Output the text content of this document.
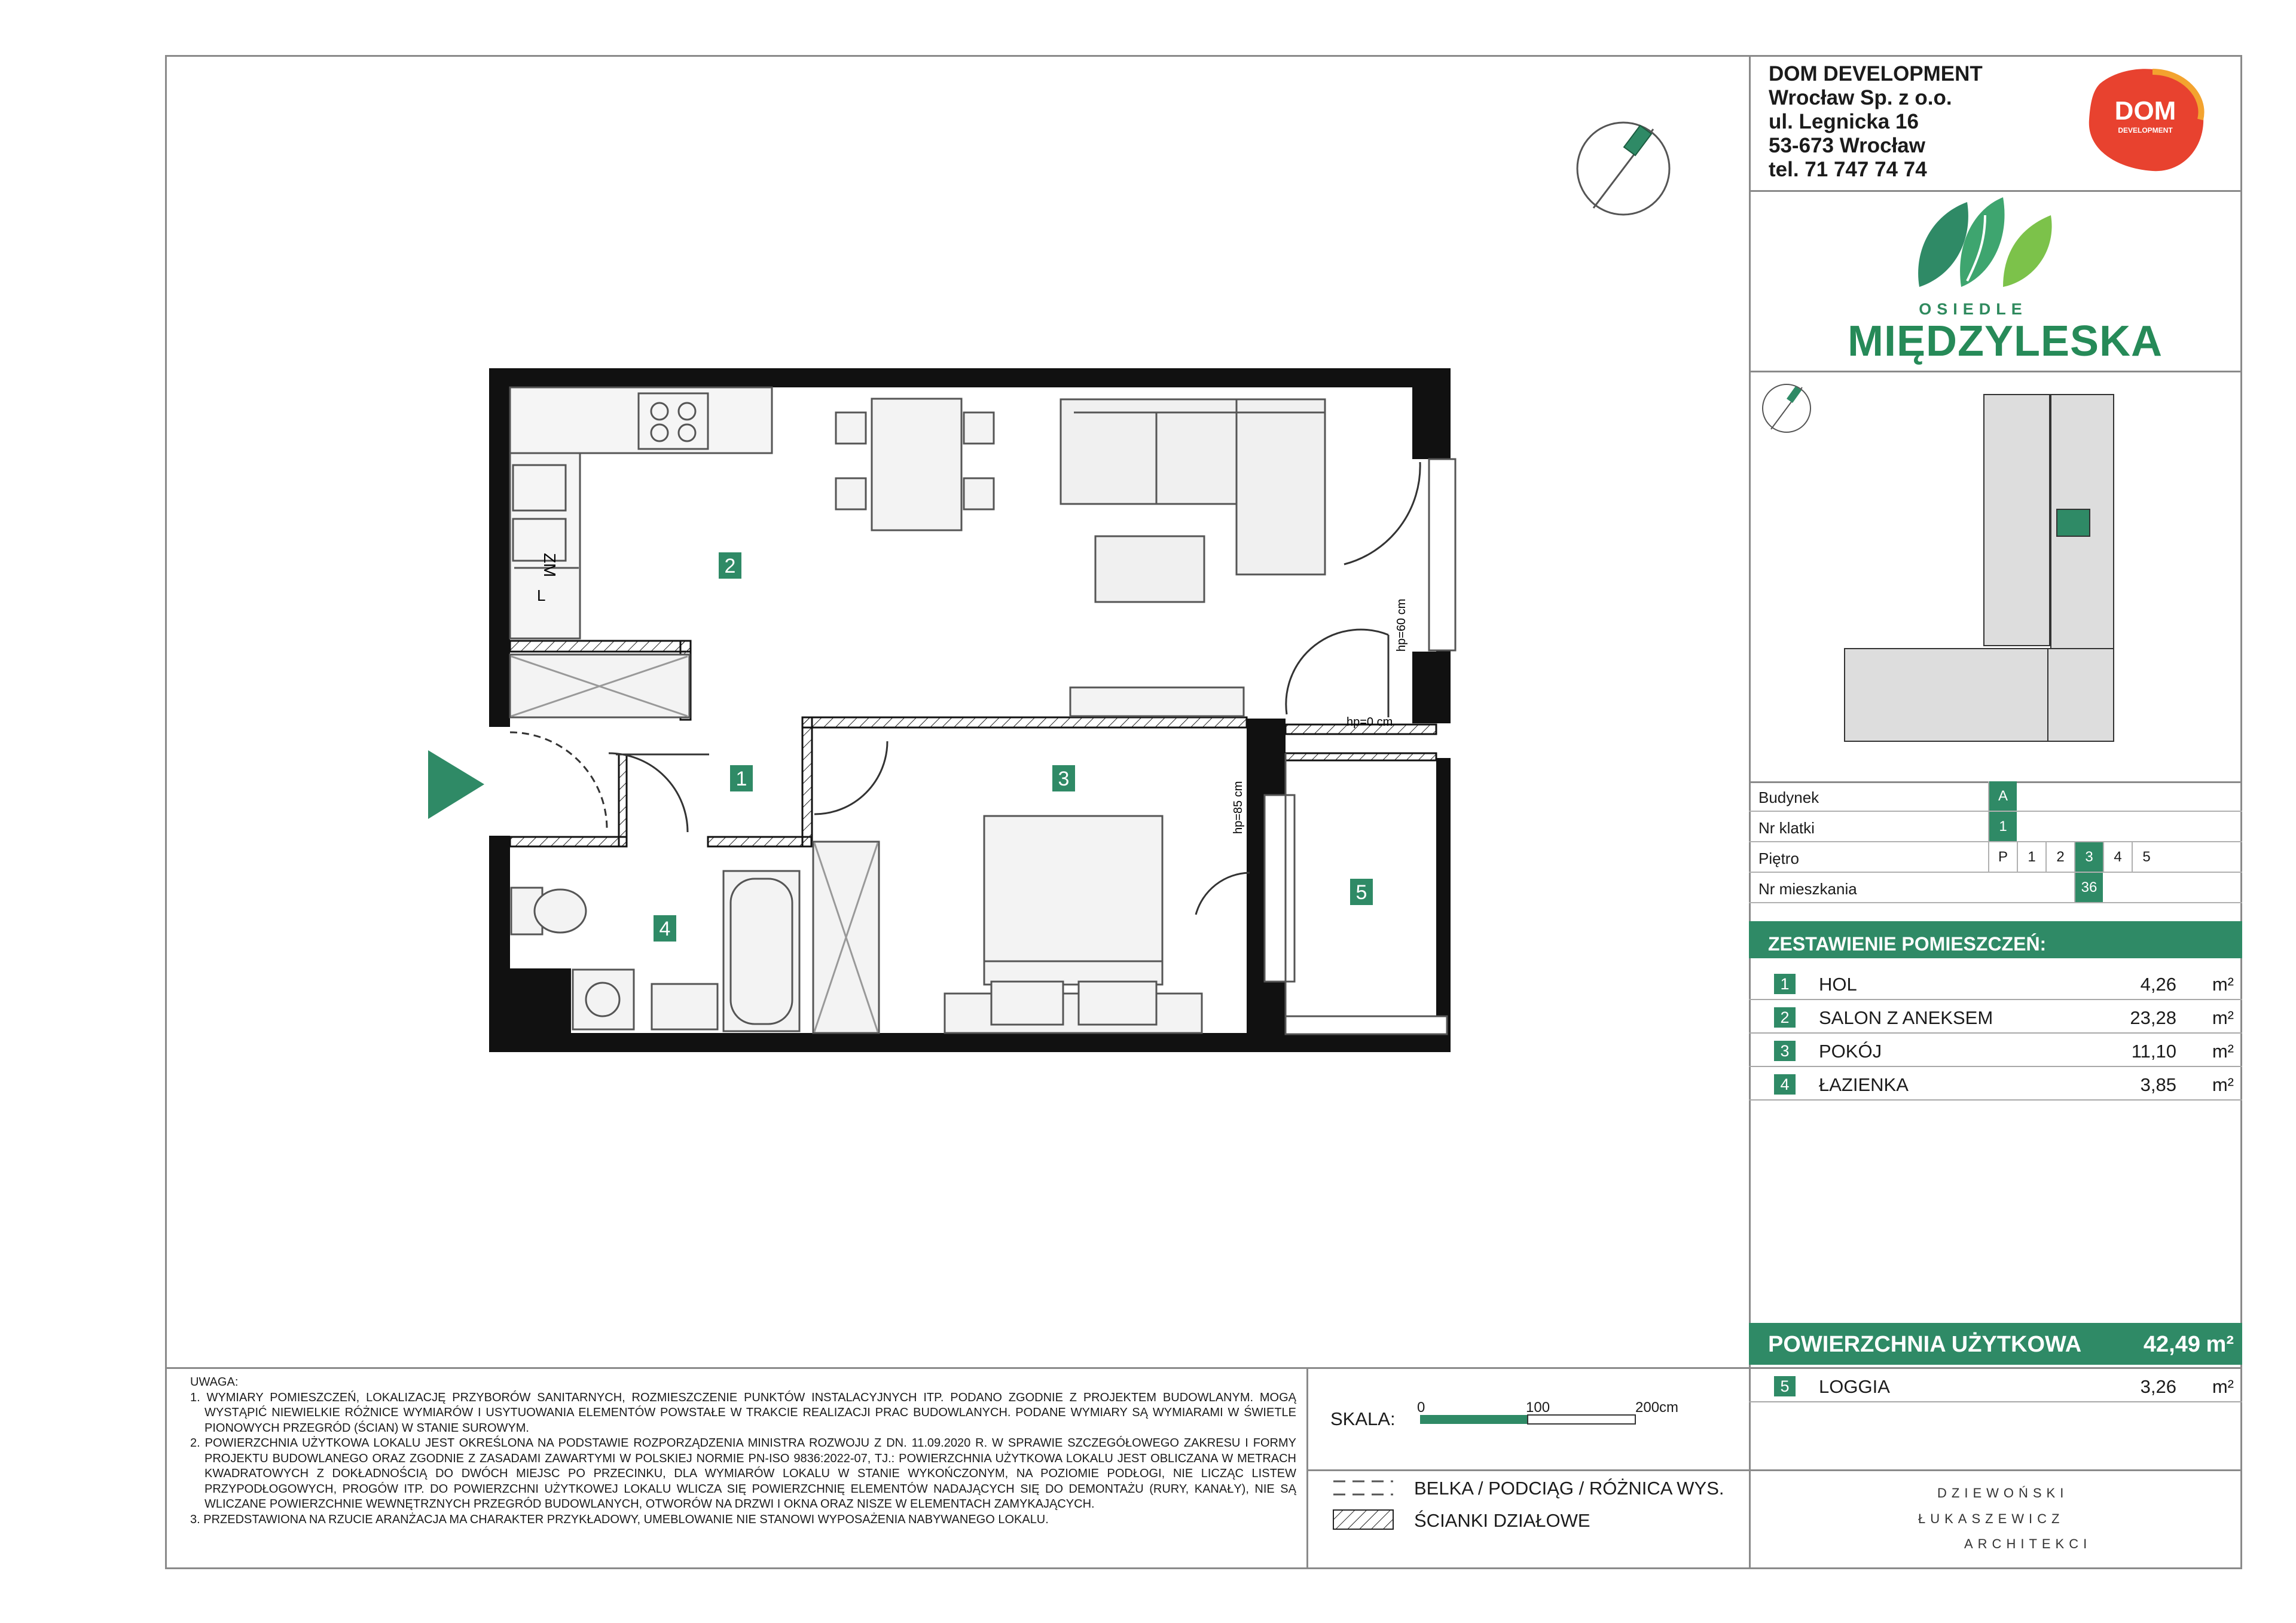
ZM
L
hp=60 cm
hp=0 cm
hp=85 cm
2
1	3
4
5
DOM
DEVELOPMENT
DZIEWOŃSKI
ŁUKASZEWICZ
ARCHITEKCI
DOM DEVELOPMENT
Wrocław Sp. z o.o.
ul. Legnicka 16
53-673 Wrocław
tel. 71 747 74 74
OSIEDLE
MIĘDZYLESKA
Budynek	A
Nr klatki	1
Piętro	P	1	2	3	4	5
Nr mieszkania	36
ZESTAWIENIE POMIESZCZEŃ:
1	HOL	4,26 m²
2	SALON Z ANEKSEM	23,28 m²
3	POKÓJ	11,10 m²
4	ŁAZIENKA	3,85 m²
POWIERZCHNIA UŻYTKOWA	42,49 m²
5	LOGGIA	3,26 m²
UWAGA:
1. WYMIARY POMIESZCZEŃ, LOKALIZACJĘ PRZYBORÓW SANITARNYCH, ROZMIESZCZENIE PUNKTÓW INSTALACYJNYCH ITP. PODANO ZGODNIE Z PROJEKTEM BUDOWLANYM. MOGĄ WYSTĄPIĆ NIEWIELKIE RÓŻNICE WYMIARÓW I USYTUOWANIA ELEMENTÓW POWSTAŁE W TRAKCIE REALIZACJI PRAC BUDOWLANYCH. PODANE WYMIARY SĄ WYMIARAMI W ŚWIETLE PIONOWYCH PRZEGRÓD (ŚCIAN) W STANIE SUROWYM.
2. POWIERZCHNIA UŻYTKOWA LOKALU JEST OKREŚLONA NA PODSTAWIE ROZPORZĄDZENIA MINISTRA ROZWOJU Z DN. 11.09.2020 R. W SPRAWIE SZCZEGÓŁOWEGO ZAKRESU I FORMY PROJEKTU BUDOWLANEGO ORAZ ZGODNIE Z ZASADAMI ZAWARTYMI W POLSKIEJ NORMIE PN-ISO 9836:2022-07, TJ.: POWIERZCHNIA UŻYTKOWA LOKALU JEST OBLICZANA W METRACH KWADRATOWYCH Z DOKŁADNOŚCIĄ DO DWÓCH MIEJSC PO PRZECINKU, DLA WYMIARÓW LOKALU W STANIE WYKOŃCZONYM, NA POZIOMIE PODŁOGI, NIE LICZĄC LISTEW PRZYPODŁOGOWYCH, PROGÓW ITP. DO POWIERZCHNI UŻYTKOWEJ LOKALU WLICZA SIĘ POWIERZCHNIĘ ELEMENTÓW NADAJĄCYCH SIĘ DO DEMONTAŻU (RURY, KANAŁY), NIE SĄ WLICZANE POWIERZCHNIE WEWNĘTRZNYCH PRZEGRÓD BUDOWLANYCH, OTWORÓW NA DRZWI I OKNA ORAZ NISZE W ELEMENTACH ZAMYKAJĄCYCH.
3. PRZEDSTAWIONA NA RZUCIE ARANŻACJA MA CHARAKTER PRZYKŁADOWY, UMEBLOWANIE NIE STANOWI WYPOSAŻENIA NABYWANEGO LOKALU.
SKALA:
0	100	200cm
BELKA / PODCIĄG / RÓŻNICA WYS.
ŚCIANKI DZIAŁOWE
